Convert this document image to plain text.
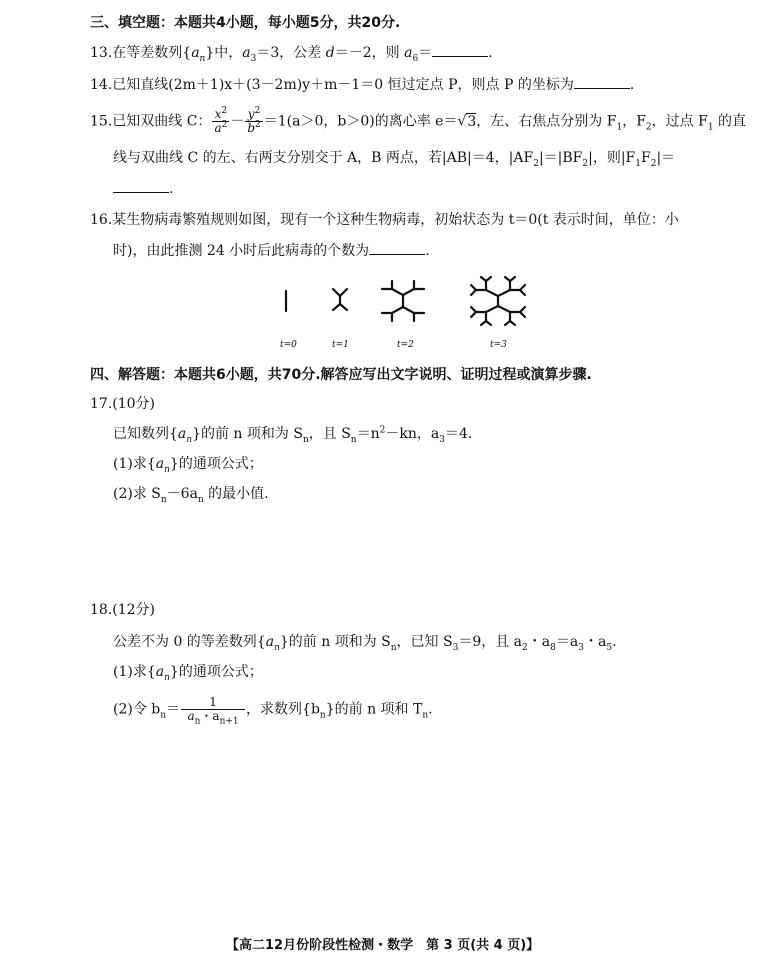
三、填空题：本题共4小题，每小题5分，共20分.
13.在等差数列$\{a_n\}$中，$a_3=3$，公差 d＝－2，则 $a_6=$	.
14.已知直线(2m＋1)x＋(3－2m)y＋m－1＝0 恒过定点 P，则点 P 的坐标为	.
15.已知双曲线 C： $\frac{x^2}{a^2} - \frac{y^2}{b^2} =1(a>0$，b＞0)的离心率 e＝√3，左、右焦点分别为 $F_1$，$F_2$，过点 $F_1$ 的直
线与双曲线 C 的左、右两支分别交于 A，B 两点，若|AB|＝4，$|AF_2|=|BF_2|$，则$|F_1F_2|=$
.
16.某生物病毒繁殖规则如图，现有一个这种生物病毒，初始状态为 t＝0(t 表示时间，单位：小
时)，由此推测 24 小时后此病毒的个数为	.
t=0	t=1	t=2	t=3
四、解答题：本题共6小题，共70分.解答应写出文字说明、证明过程或演算步骤.
17.(10分)
已知数列$\{a_n\}$的前 n 项和为 $S_n$，且 $S_n=n^2-kn$，$a_3=4$.
(1)求$\{a_n\}$的通项公式；
(2)求 $S_n-6a_n$ 的最小值.
18.(12分)
公差不为 0 的等差数列$\{a_n\}$的前 n 项和为 $S_n$，已知 $S_3=9$，且 $a_2$・$a_8=a_3$・$a_5$.
(1)求$\{a_n\}$的通项公式；
(2)令 $b_n= \frac{1}{a_n・a_{n+1}}$ ，求数列$\{b_n\}$的前 n 项和 $T_n$.
【高二12月份阶段性检测・数学　第 3 页(共 4 页)】
